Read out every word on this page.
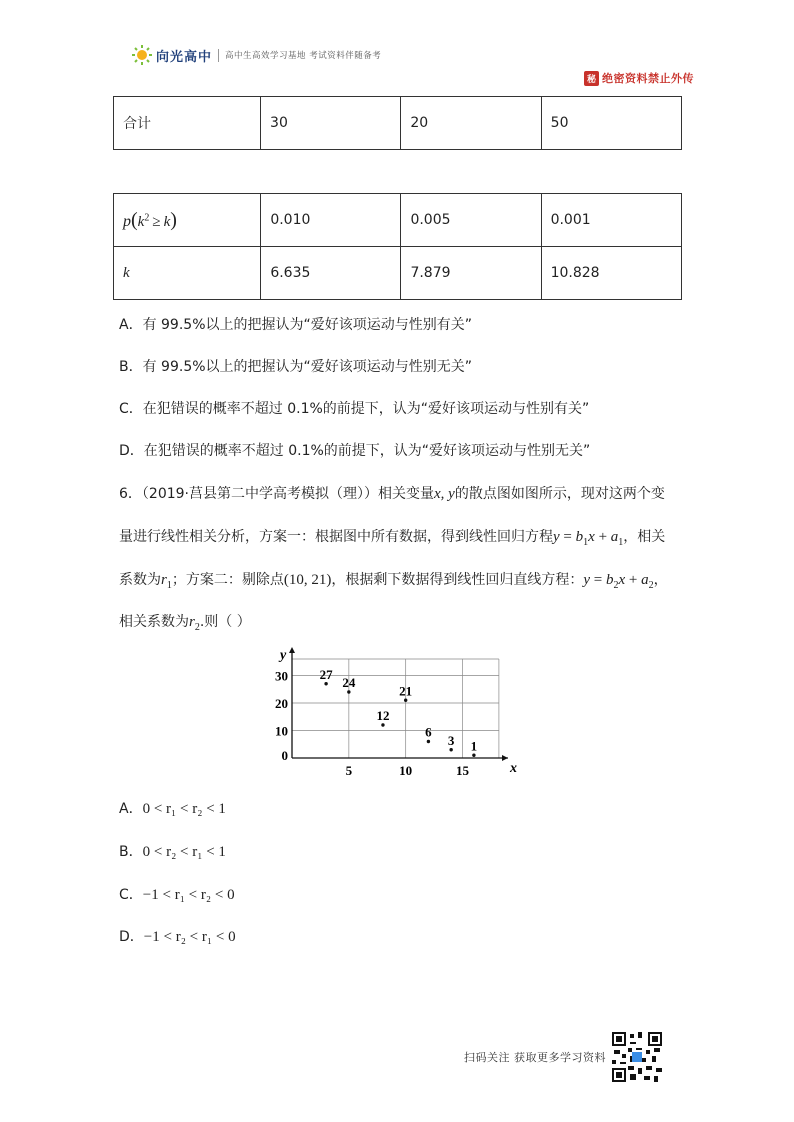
向光高中 高中生高效学习基地 考试资料伴随备考
秘 绝密资料禁止外传
合计	30	20	50
$p(k^2 \ge k)$	0.010	0.005	0.001
k	6.635	7.879	10.828
A．有 99.5%以上的把握认为“爱好该项运动与性别有关”
B．有 99.5%以上的把握认为“爱好该项运动与性别无关”
C．在犯错误的概率不超过 0.1%的前提下，认为“爱好该项运动与性别有关”
D．在犯错误的概率不超过 0.1%的前提下，认为“爱好该项运动与性别无关”
6．（2019·莒县第二中学高考模拟（理））相关变量x, y的散点图如图所示，现对这两个变
量进行线性相关分析，方案一：根据图中所有数据，得到线性回归方程$y = b_1x + a_1$，相关
系数为$r_1$；方案二：剔除点(10, 21)，根据剩下数据得到线性回归直线方程：$y = b_2x + a_2$，
相关系数为$r_2$.则（ ）
x
y
5	10	15
0
10
20
30 27
24
12
21
6
3 1
A．0 < r₁ < r₂ < 1
B．0 < r₂ < r₁ < 1
C．−1 < r₁ < r₂ < 0
D．−1 < r₂ < r₁ < 0
扫码关注 获取更多学习资料
